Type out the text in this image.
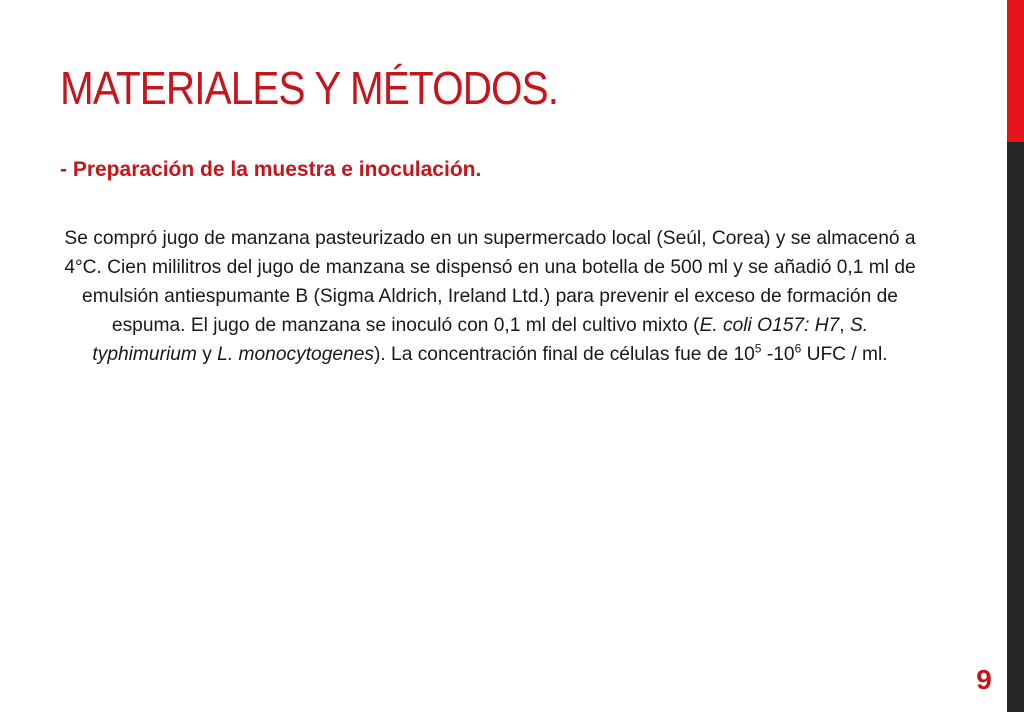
MATERIALES Y MÉTODOS.
- Preparación de la muestra e inoculación.

Se compró jugo de manzana pasteurizado en un supermercado local (Seúl, Corea) y se almacenó a 4°C. Cien mililitros del jugo de manzana se dispensó en una botella de 500 ml y se añadió 0,1 ml de emulsión antiespumante B (Sigma Aldrich, Ireland Ltd.) para prevenir el exceso de formación de espuma. El jugo de manzana se inoculó con 0,1 ml del cultivo mixto (E. coli O157: H7, S. typhimurium y L. monocytogenes). La concentración final de células fue de $10^5$ $-10^6$ UFC / ml.

9
